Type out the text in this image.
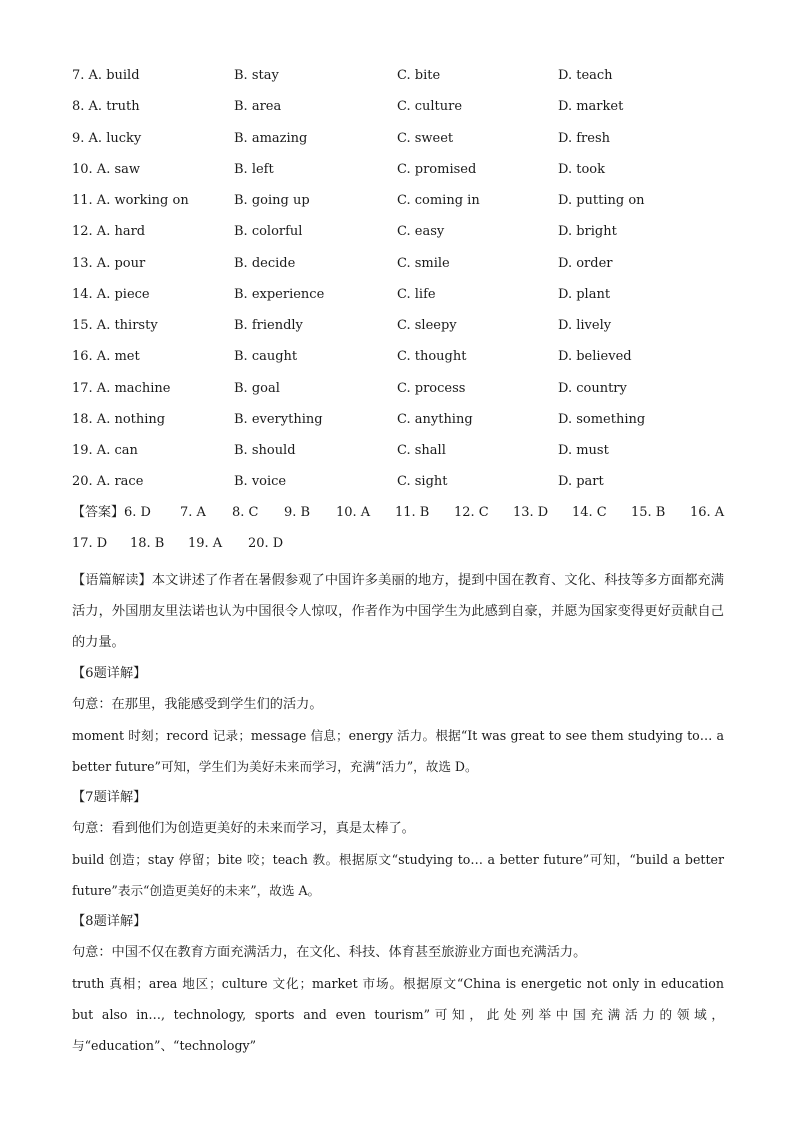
7. A. build	B. stay	C. bite	D. teach
8. A. truth	B. area	C. culture	D. market
9. A. lucky	B. amazing	C. sweet	D. fresh
10. A. saw	B. left	C. promised	D. took
11. A. working on	B. going up	C. coming in	D. putting on
12. A. hard	B. colorful	C. easy	D. bright
13. A. pour	B. decide	C. smile	D. order
14. A. piece	B. experience	C. life	D. plant
15. A. thirsty	B. friendly	C. sleepy	D. lively
16. A. met	B. caught	C. thought	D. believed
17. A. machine	B. goal	C. process	D. country
18. A. nothing	B. everything	C. anything	D. something
19. A. can	B. should	C. shall	D. must
20. A. race	B. voice	C. sight	D. part
【答案】6. D 7. A 8. C 9. B 10. A 11. B 12. C 13. D 14. C 15. B 16. A
17. D 18. B 19. A 20. D

【语篇解读】本文讲述了作者在暑假参观了中国许多美丽的地方，提到中国在教育、文化、科技等多方面都充满活力，外国朋友里法诺也认为中国很令人惊叹，作者作为中国学生为此感到自豪，并愿为国家变得更好贡献自己的力量。

【6题详解】

句意：在那里，我能感受到学生们的活力。

moment 时刻；record 记录；message 信息；energy 活力。根据“It was great to see them studying to… a better future”可知，学生们为美好未来而学习，充满“活力”，故选 D。

【7题详解】

句意：看到他们为创造更美好的未来而学习，真是太棒了。

build 创造；stay 停留；bite 咬；teach 教。根据原文“studying to… a better future”可知，“build a better future”表示“创造更美好的未来”，故选 A。

【8题详解】

句意：中国不仅在教育方面充满活力，在文化、科技、体育甚至旅游业方面也充满活力。

truth 真相；area 地区；culture 文化；market 市场。根据原文“China is energetic not only in education but also in…, technology, sports and even tourism”可知，此处列举中国充满活力的领域，与“education”、“technology”
